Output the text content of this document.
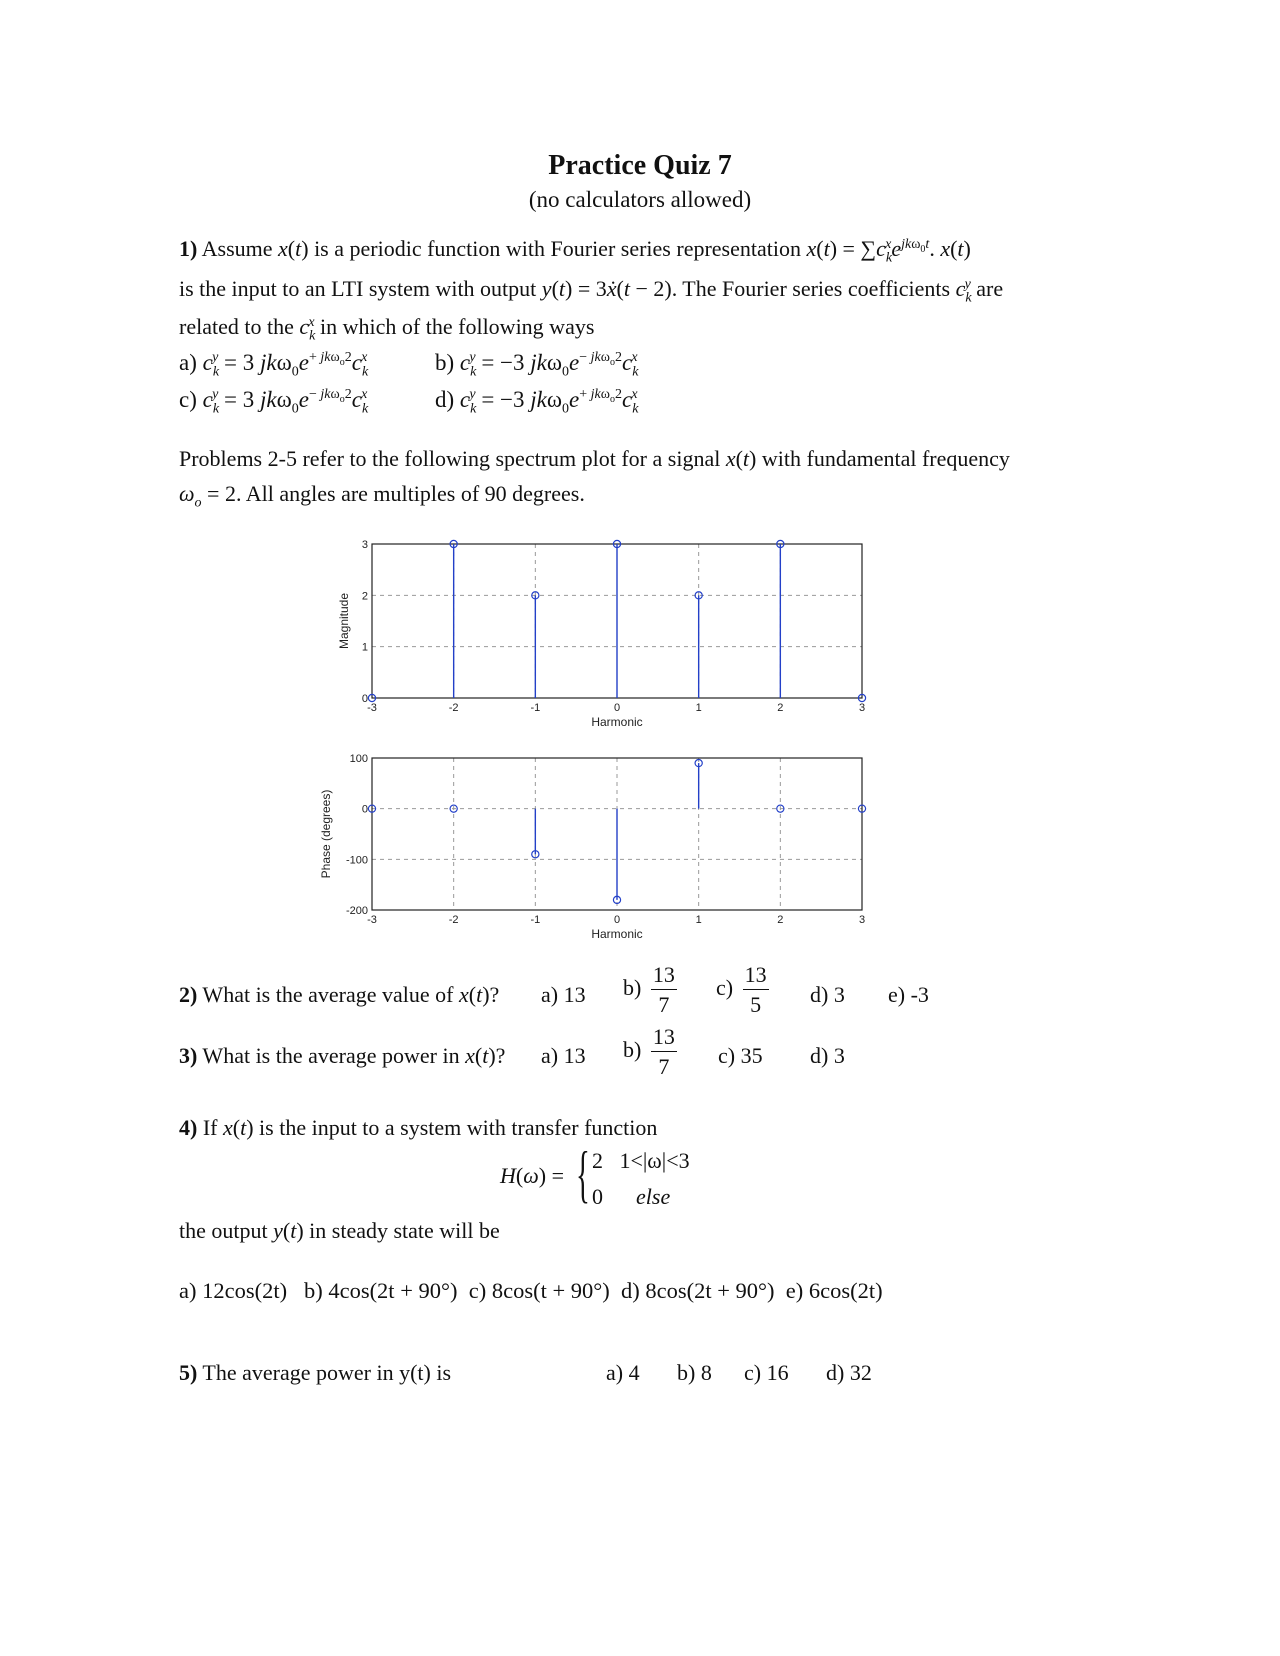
Practice Quiz 7
(no calculators allowed)
1) Assume x(t) is a periodic function with Fourier series representation $x(t) = \sum c_k^xe^{jk\omega_0t}$. x(t)
is the input to an LTI system with output y(t) = 3ẋ(t − 2). The Fourier series coefficients $c_k^y$ are
related to the $c_k^x$ in which of the following ways
a) $c_k^y = 3$ $jk\omega_0e^{+ jk\omega_o2}c_k^x$	b) $c_k^y = -3$ $jk\omega_0e^{- jk\omega_o2}c_k^x$
c) $c_k^y = 3$ $jk\omega_0e^{- jk\omega_o2}c_k^x$	d) $c_k^y = -3$ $jk\omega_0e^{+ jk\omega_o2}c_k^x$
Problems 2-5 refer to the following spectrum plot for a signal x(t) with fundamental frequency
$\omega_o = 2$. All angles are multiples of 90 degrees.
-3	-2	-1	0	1	2	3
0
1
2
3
Harmonic
Magnitude
-3	-2	-1	0	1	2	3
-200
-100
0
100
Harmonic
Phase (degrees)
2) What is the average value of x(t)? a) 13 $b) \frac{13}{7} c) \frac{13}{5} d$) 3 e) -3
3) What is the average power in x(t)? a) 13 $b) \frac{13}{7} c$) 35 d) 3
4) If x(t) is the input to a system with transfer function
H(ω) = { 2 1<|ω|<3
0 else
the output y(t) in steady state will be
a) 12cos(2t)   b) 4cos(2t + 90°)  c) 8cos(t + 90°)  d) 8cos(2t + 90°)  e) 6cos(2t)
5) The average power in y(t) is	a) 4 b) 8 c) 16 d) 32
